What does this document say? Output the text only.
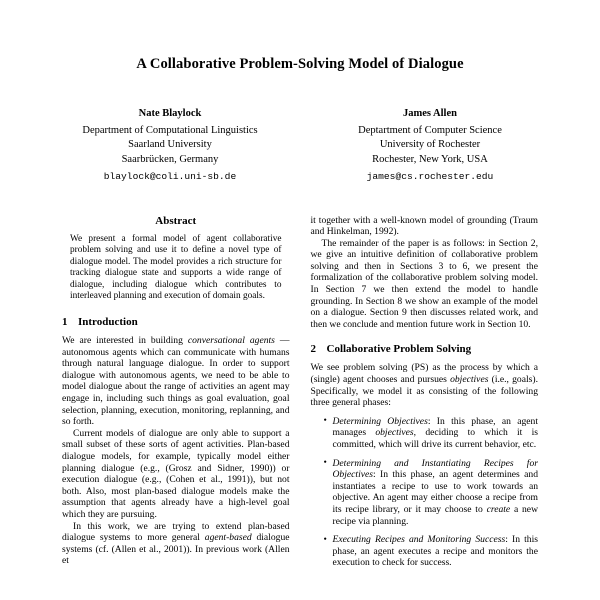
A Collaborative Problem-Solving Model of Dialogue
Nate Blaylock
Department of Computational Linguistics
Saarland University
Saarbrücken, Germany
blaylock@coli.uni-sb.de
James Allen
Deptartment of Computer Science
University of Rochester
Rochester, New York, USA
james@cs.rochester.edu
Abstract
We present a formal model of agent collaborative problem solving and use it to define a novel type of dialogue model. The model provides a rich structure for tracking dialogue state and supports a wide range of dialogue, including dialogue which contributes to interleaved planning and execution of domain goals.
1 Introduction

We are interested in building conversational agents — autonomous agents which can communicate with humans through natural language dialogue. In order to support dialogue with autonomous agents, we need to be able to model dialogue about the range of activities an agent may engage in, including such things as goal evaluation, goal selection, planning, execution, monitoring, replanning, and so forth.

Current models of dialogue are only able to support a small subset of these sorts of agent activities. Plan-based dialogue models, for example, typically model either planning dialogue (e.g., (Grosz and Sidner, 1990)) or execution dialogue (e.g., (Cohen et al., 1991)), but not both. Also, most plan-based dialogue models make the assumption that agents already have a high-level goal which they are pursuing.

In this work, we are trying to extend plan-based dialogue systems to more general agent-based dialogue systems (cf. (Allen et al., 2001)). In previous work (Allen et

it together with a well-known model of grounding (Traum and Hinkelman, 1992).

The remainder of the paper is as follows: in Section 2, we give an intuitive definition of collaborative problem solving and then in Sections 3 to 6, we present the formalization of the collaborative problem solving model. In Section 7 we then extend the model to handle grounding. In Section 8 we show an example of the model on a dialogue. Section 9 then discusses related work, and then we conclude and mention future work in Section 10.

2 Collaborative Problem Solving

We see problem solving (PS) as the process by which a (single) agent chooses and pursues objectives (i.e., goals). Specifically, we model it as consisting of the following three general phases:

• Determining Objectives: In this phase, an agent manages objectives, deciding to which it is committed, which will drive its current behavior, etc.
• Determining and Instantiating Recipes for Objectives: In this phase, an agent determines and instantiates a recipe to use to work towards an objective. An agent may either choose a recipe from its recipe library, or it may choose to create a new recipe via planning.
• Executing Recipes and Monitoring Success: In this phase, an agent executes a recipe and monitors the execution to check for success.
